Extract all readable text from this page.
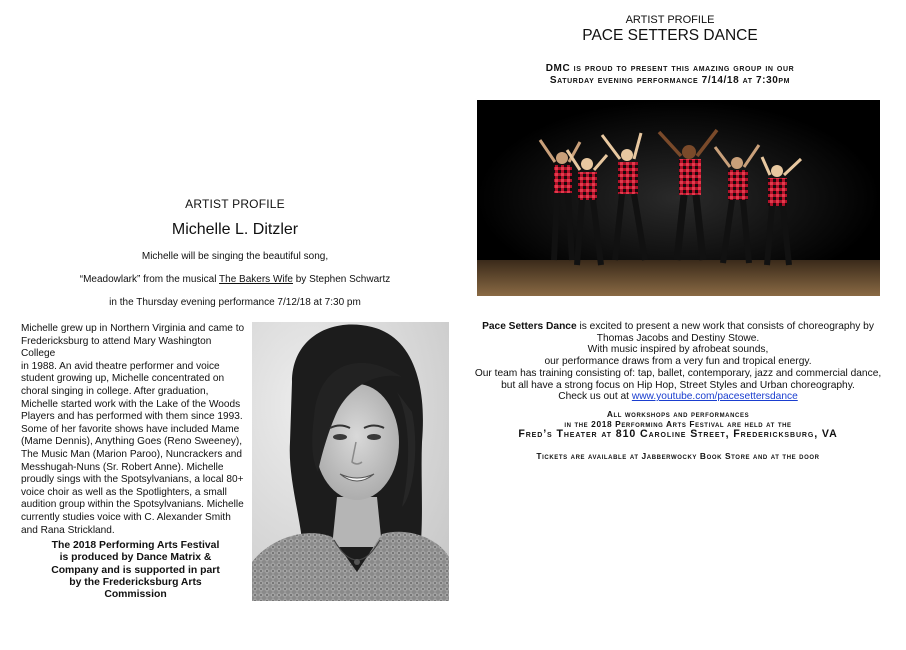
ARTIST PROFILE
Michelle L. Ditzler
Michelle will be singing the beautiful song,
“Meadowlark” from the musical The Bakers Wife by Stephen Schwartz
in the Thursday evening performance 7/12/18 at 7:30 pm
Michelle grew up in Northern Virginia and came to
Fredericksburg to attend Mary Washington College
in 1988. An avid theatre performer and voice
student growing up, Michelle concentrated on
choral singing in college. After graduation,
Michelle started work with the Lake of the Woods
Players and has performed with them since 1993.
Some of her favorite shows have included Mame
(Mame Dennis), Anything Goes (Reno Sweeney),
The Music Man (Marion Paroo), Nuncrackers and
Messhugah-Nuns (Sr. Robert Anne). Michelle
proudly sings with the Spotsylvanians, a local 80+
voice choir as well as the Spotlighters, a small
audition group within the Spotsylvanians. Michelle
currently studies voice with C. Alexander Smith
and Rana Strickland.
The 2018 Performing Arts Festival
is produced by Dance Matrix &
Company and is supported in part
by the Fredericksburg Arts
Commission
ARTIST PROFILE
PACE SETTERS DANCE
DMC is proud to present this amazing group in our
Saturday evening performance 7/14/18 at 7:30pm
Pace Setters Dance is excited to present a new work that consists of choreography by
Thomas Jacobs and Destiny Stowe.
With music inspired by afrobeat sounds,
our performance draws from a very fun and tropical energy.
Our team has training consisting of: tap, ballet, contemporary, jazz and commercial dance,
but all have a strong focus on Hip Hop, Street Styles and Urban choreography.
Check us out at www.youtube.com/pacesettersdance
All workshops and performances
in the 2018 Performing Arts Festival are held at the
Fred’s Theater at 810 Caroline Street, Fredericksburg, VA
Tickets are available at Jabberwocky Book Store and at the door
